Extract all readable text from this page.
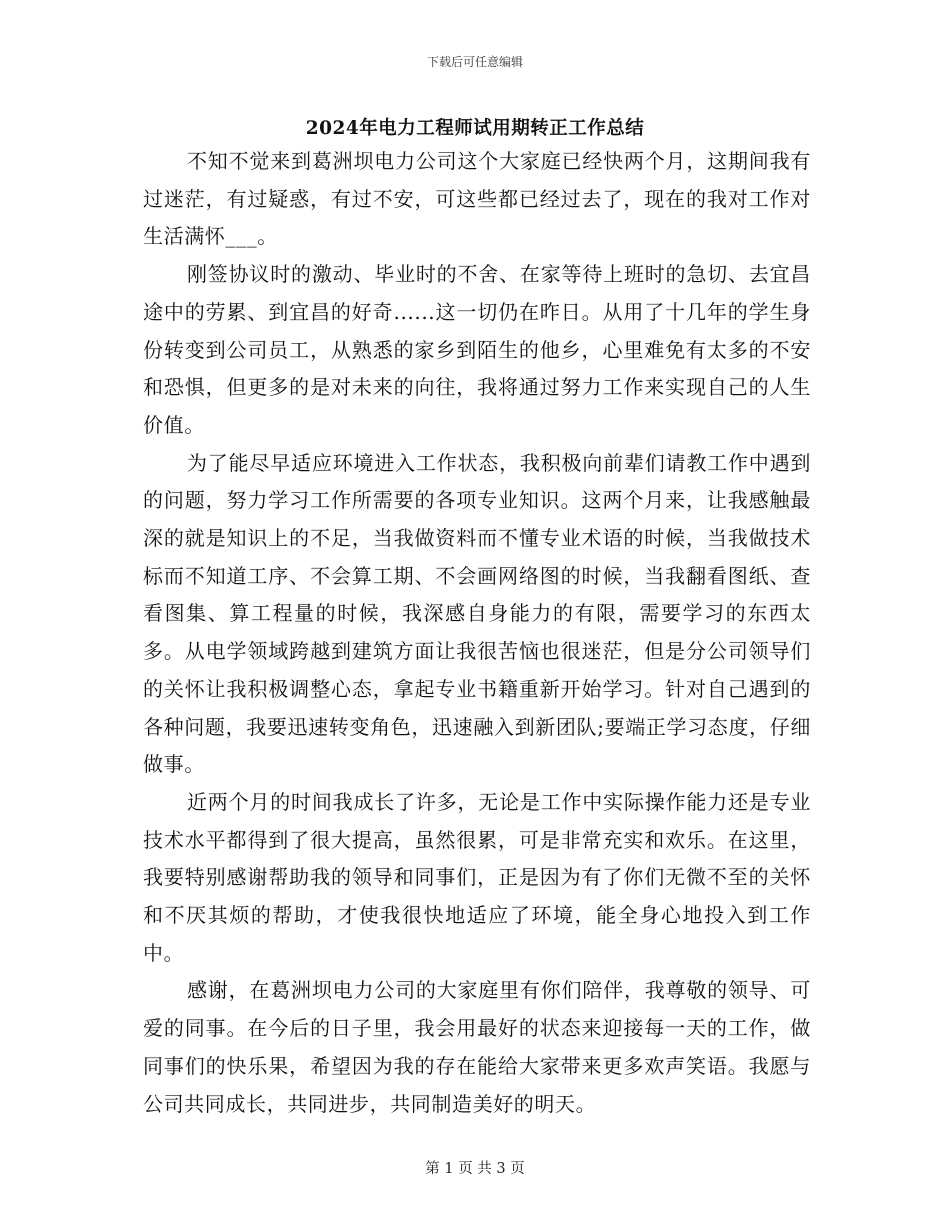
下载后可任意编辑
2024年电力工程师试用期转正工作总结

不知不觉来到葛洲坝电力公司这个大家庭已经快两个月，这期间我有过迷茫，有过疑惑，有过不安，可这些都已经过去了，现在的我对工作对生活满怀___。

刚签协议时的激动、毕业时的不舍、在家等待上班时的急切、去宜昌途中的劳累、到宜昌的好奇......这一切仍在昨日。从用了十几年的学生身份转变到公司员工，从熟悉的家乡到陌生的他乡，心里难免有太多的不安和恐惧，但更多的是对未来的向往，我将通过努力工作来实现自己的人生价值。

为了能尽早适应环境进入工作状态，我积极向前辈们请教工作中遇到的问题，努力学习工作所需要的各项专业知识。这两个月来，让我感触最深的就是知识上的不足，当我做资料而不懂专业术语的时候，当我做技术标而不知道工序、不会算工期、不会画网络图的时候，当我翻看图纸、查看图集、算工程量的时候，我深感自身能力的有限，需要学习的东西太多。从电学领域跨越到建筑方面让我很苦恼也很迷茫，但是分公司领导们的关怀让我积极调整心态，拿起专业书籍重新开始学习。针对自己遇到的各种问题，我要迅速转变角色，迅速融入到新团队;要端正学习态度，仔细做事。

近两个月的时间我成长了许多，无论是工作中实际操作能力还是专业技术水平都得到了很大提高，虽然很累，可是非常充实和欢乐。在这里，我要特别感谢帮助我的领导和同事们，正是因为有了你们无微不至的关怀和不厌其烦的帮助，才使我很快地适应了环境，能全身心地投入到工作中。

感谢，在葛洲坝电力公司的大家庭里有你们陪伴，我尊敬的领导、可爱的同事。在今后的日子里，我会用最好的状态来迎接每一天的工作，做同事们的快乐果，希望因为我的存在能给大家带来更多欢声笑语。我愿与公司共同成长，共同进步，共同制造美好的明天。

第 1 页 共 3 页
